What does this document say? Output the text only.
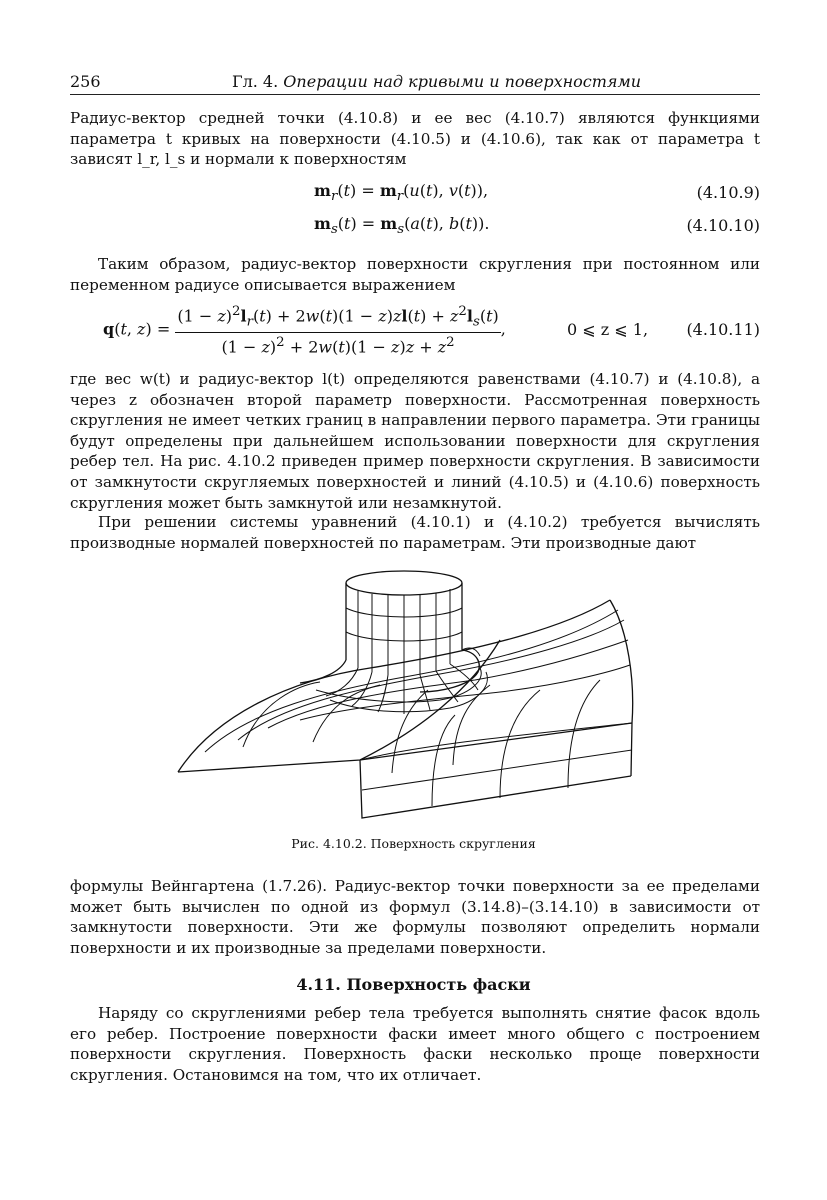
256	Гл. 4. Операции над кривыми и поверхностями

Радиус-вектор средней точки (4.10.8) и ее вес (4.10.7) являются функциями параметра t кривых на поверхности (4.10.5) и (4.10.6), так как от параметра t зависят l_r, l_s и нормали к поверхностям

$m_r(t) = m_r(u(t)$, v(t)),	(4.10.9)
$m_s(t) = m_s(a(t)$, b(t)).	(4.10.10)

Таким образом, радиус-вектор поверхности скругления при постоянном или переменном радиусе описывается выражением

q(t, $z) = \frac{(1 - z)^2l_r(t) + 2w(t)(1 - z)zl(t) + z^2l_s(t)}{(1 - z)^2 + 2w(t)(1 - z)z + z^2}$ ,	0 ⩽ z ⩽ 1, (4.10.11)

где вес w(t) и радиус-вектор l(t) определяются равенствами (4.10.7) и (4.10.8), а через z обозначен второй параметр поверхности. Рассмотренная поверхность скругления не имеет четких границ в направлении первого параметра. Эти границы будут определены при дальнейшем использовании поверхности для скругления ребер тел. На рис. 4.10.2 приведен пример поверхности скругления. В зависимости от замкнутости скругляемых поверхностей и линий (4.10.5) и (4.10.6) поверхность скругления может быть замкнутой или незамкнутой.

При решении системы уравнений (4.10.1) и (4.10.2) требуется вычислять производные нормалей поверхностей по параметрам. Эти производные дают

Рис. 4.10.2. Поверхность скругления

формулы Вейнгартена (1.7.26). Радиус-вектор точки поверхности за ее пределами может быть вычислен по одной из формул (3.14.8)–(3.14.10) в зависимости от замкнутости поверхности. Эти же формулы позволяют определить нормали поверхности и их производные за пределами поверхности.

4.11. Поверхность фаски

Наряду со скруглениями ребер тела требуется выполнять снятие фасок вдоль его ребер. Построение поверхности фаски имеет много общего с построением поверхности скругления. Поверхность фаски несколько проще поверхности скругления. Остановимся на том, что их отличает.
